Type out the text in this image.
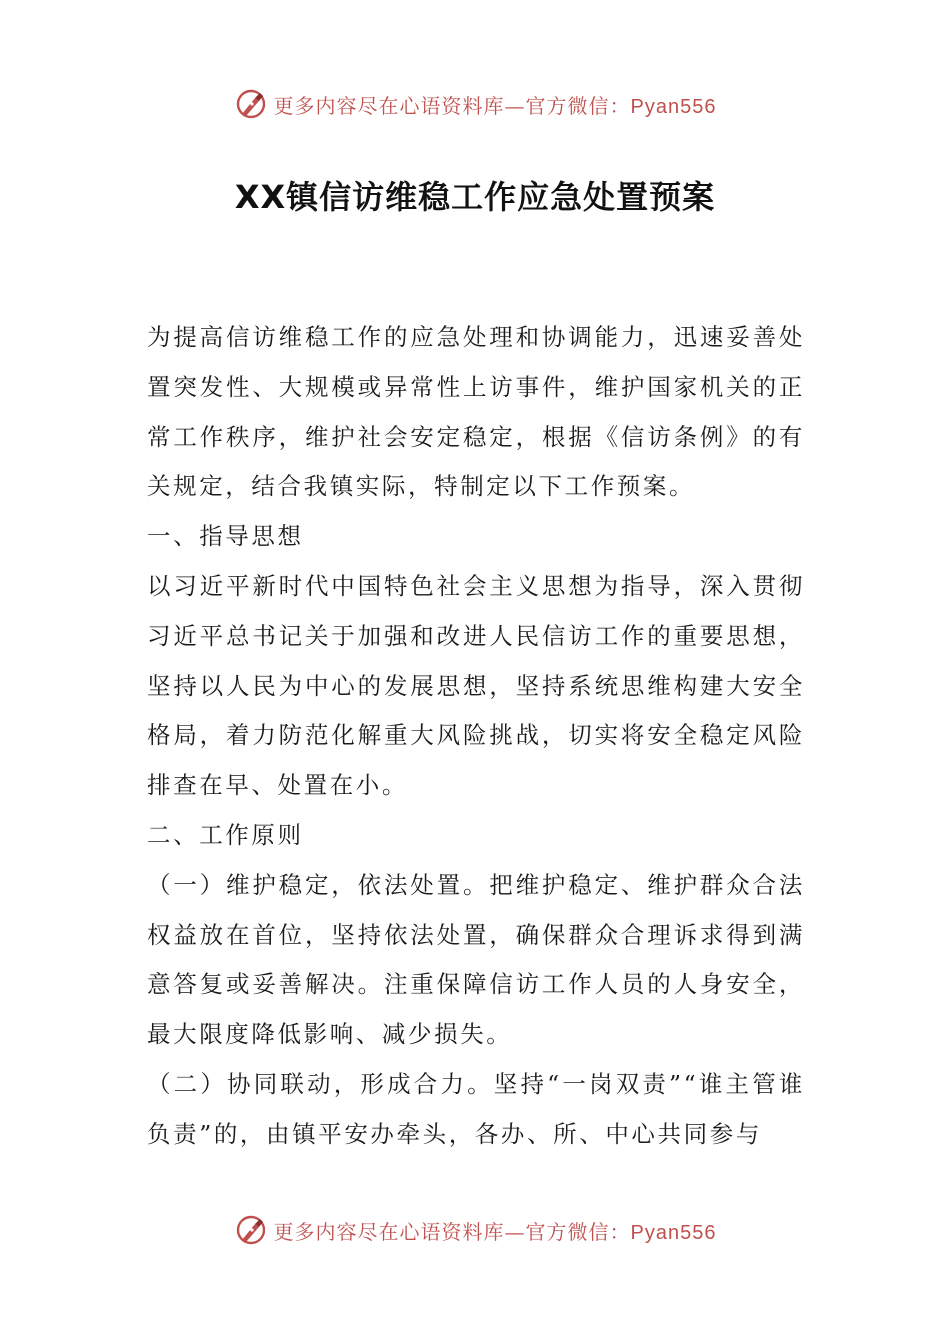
更多内容尽在心语资料库—官方微信：Pyan556
XX镇信访维稳工作应急处置预案

为提高信访维稳工作的应急处理和协调能力，迅速妥善处置突发性、大规模或异常性上访事件，维护国家机关的正常工作秩序，维护社会安定稳定，根据《信访条例》的有关规定，结合我镇实际，特制定以下工作预案。

一、指导思想

以习近平新时代中国特色社会主义思想为指导，深入贯彻习近平总书记关于加强和改进人民信访工作的重要思想，坚持以人民为中心的发展思想，坚持系统思维构建大安全格局，着力防范化解重大风险挑战，切实将安全稳定风险排查在早、处置在小。

二、工作原则

（一）维护稳定，依法处置。把维护稳定、维护群众合法权益放在首位，坚持依法处置，确保群众合理诉求得到满意答复或妥善解决。注重保障信访工作人员的人身安全，最大限度降低影响、减少损失。

（二）协同联动，形成合力。坚持“一岗双责”“谁主管谁负责”的，由镇平安办牵头，各办、所、中心共同参与

更多内容尽在心语资料库—官方微信：Pyan556
